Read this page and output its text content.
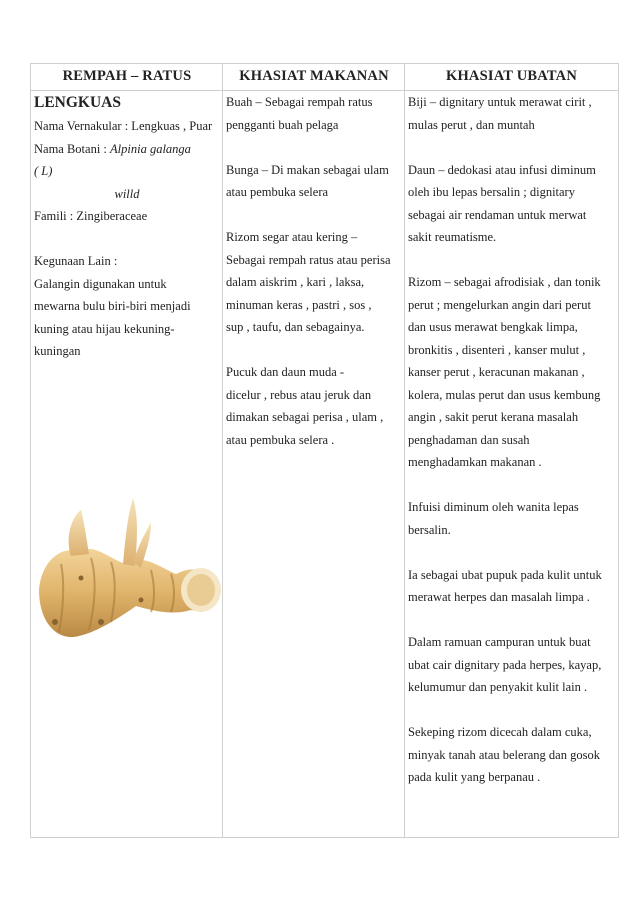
REMPAH – RATUS	KHASIAT MAKANAN	KHASIAT UBATAN

LENGKUAS

Nama Vernakular : Lengkuas , Puar

Nama Botani : Alpinia galanga

( L)

willd

Famili : Zingiberaceae

Kegunaan Lain :

Galangin digunakan untuk

mewarna bulu biri-biri menjadi

kuning atau hijau kekuning-

kuningan

Buah – Sebagai rempah ratus

pengganti buah pelaga

Bunga – Di makan sebagai ulam

atau pembuka selera

Rizom segar atau kering –

Sebagai rempah ratus atau perisa

dalam aiskrim , kari , laksa,

minuman keras , pastri , sos ,

sup , taufu, dan sebagainya.

Pucuk dan daun muda -

dicelur , rebus atau jeruk dan

dimakan sebagai perisa , ulam ,

atau pembuka selera .

Biji – dignitary untuk merawat cirit ,

mulas perut , dan muntah

Daun – dedokasi atau infusi diminum

oleh ibu lepas bersalin ; dignitary

sebagai air rendaman untuk merwat

sakit reumatisme.

Rizom – sebagai afrodisiak , dan tonik

perut ; mengelurkan angin dari perut

dan usus merawat bengkak limpa,

bronkitis , disenteri , kanser mulut ,

kanser perut , keracunan makanan ,

kolera, mulas perut dan usus kembung

angin , sakit perut kerana masalah

penghadaman dan susah

menghadamkan makanan .

Infuisi diminum oleh wanita lepas

bersalin.

Ia sebagai ubat pupuk pada kulit untuk

merawat herpes dan masalah limpa .

Dalam ramuan campuran untuk buat

ubat cair dignitary pada herpes, kayap,

kelumumur dan penyakit kulit lain .

Sekeping rizom dicecah dalam cuka,

minyak tanah atau belerang dan gosok

pada kulit yang berpanau .
